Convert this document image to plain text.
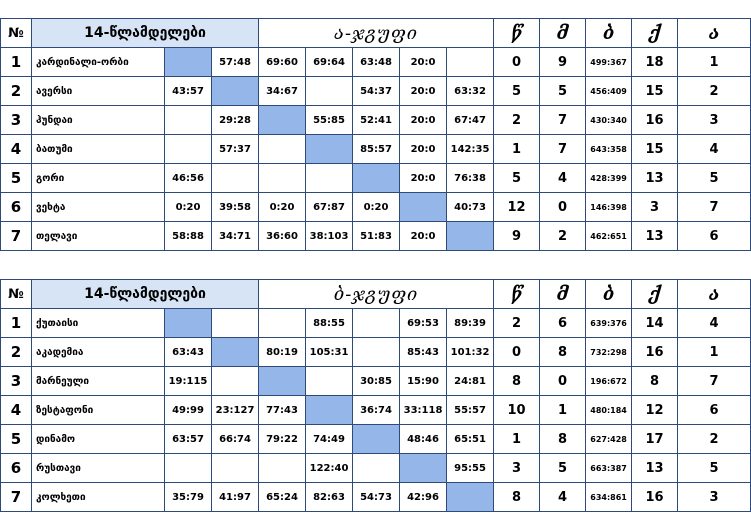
№	14-წლამდელები			ა-ჯგუფი					წ	მ	ბ	ქ	ა
1	კარდინალი-ორბი		57:48	69:60	69:64	63:48	20:0		0	9	499:367	18	1
2	ავერსი	43:57		34:67		54:37	20:0	63:32	5	5	456:409	15	2
3	ჰუნდაი		29:28		55:85	52:41	20:0	67:47	2	7	430:340	16	3
4	ბათუმი		57:37			85:57	20:0	142:35	1	7	643:358	15	4
5	გორი	46:56					20:0	76:38	5	4	428:399	13	5
6	ვეხტა	0:20	39:58	0:20	67:87	0:20		40:73	12	0	146:398	3	7
7	თელავი	58:88	34:71	36:60	38:103	51:83	20:0		9	2	462:651	13	6
№	14-წლამდელები			ბ-ჯგუფი					წ	მ	ბ	ქ	ა
1	ქუთაისი				88:55		69:53	89:39	2	6	639:376	14	4
2	აკადემია	63:43		80:19	105:31		85:43	101:32	0	8	732:298	16	1
3	მარნეული	19:115				30:85	15:90	24:81	8	0	196:672	8	7
4	ზესტაფონი	49:99	23:127	77:43		36:74	33:118	55:57	10	1	480:184	12	6
5	დინამო	63:57	66:74	79:22	74:49		48:46	65:51	1	8	627:428	17	2
6	რუსთავი				122:40			95:55	3	5	663:387	13	5
7	კოლხეთი	35:79	41:97	65:24	82:63	54:73	42:96		8	4	634:861	16	3
